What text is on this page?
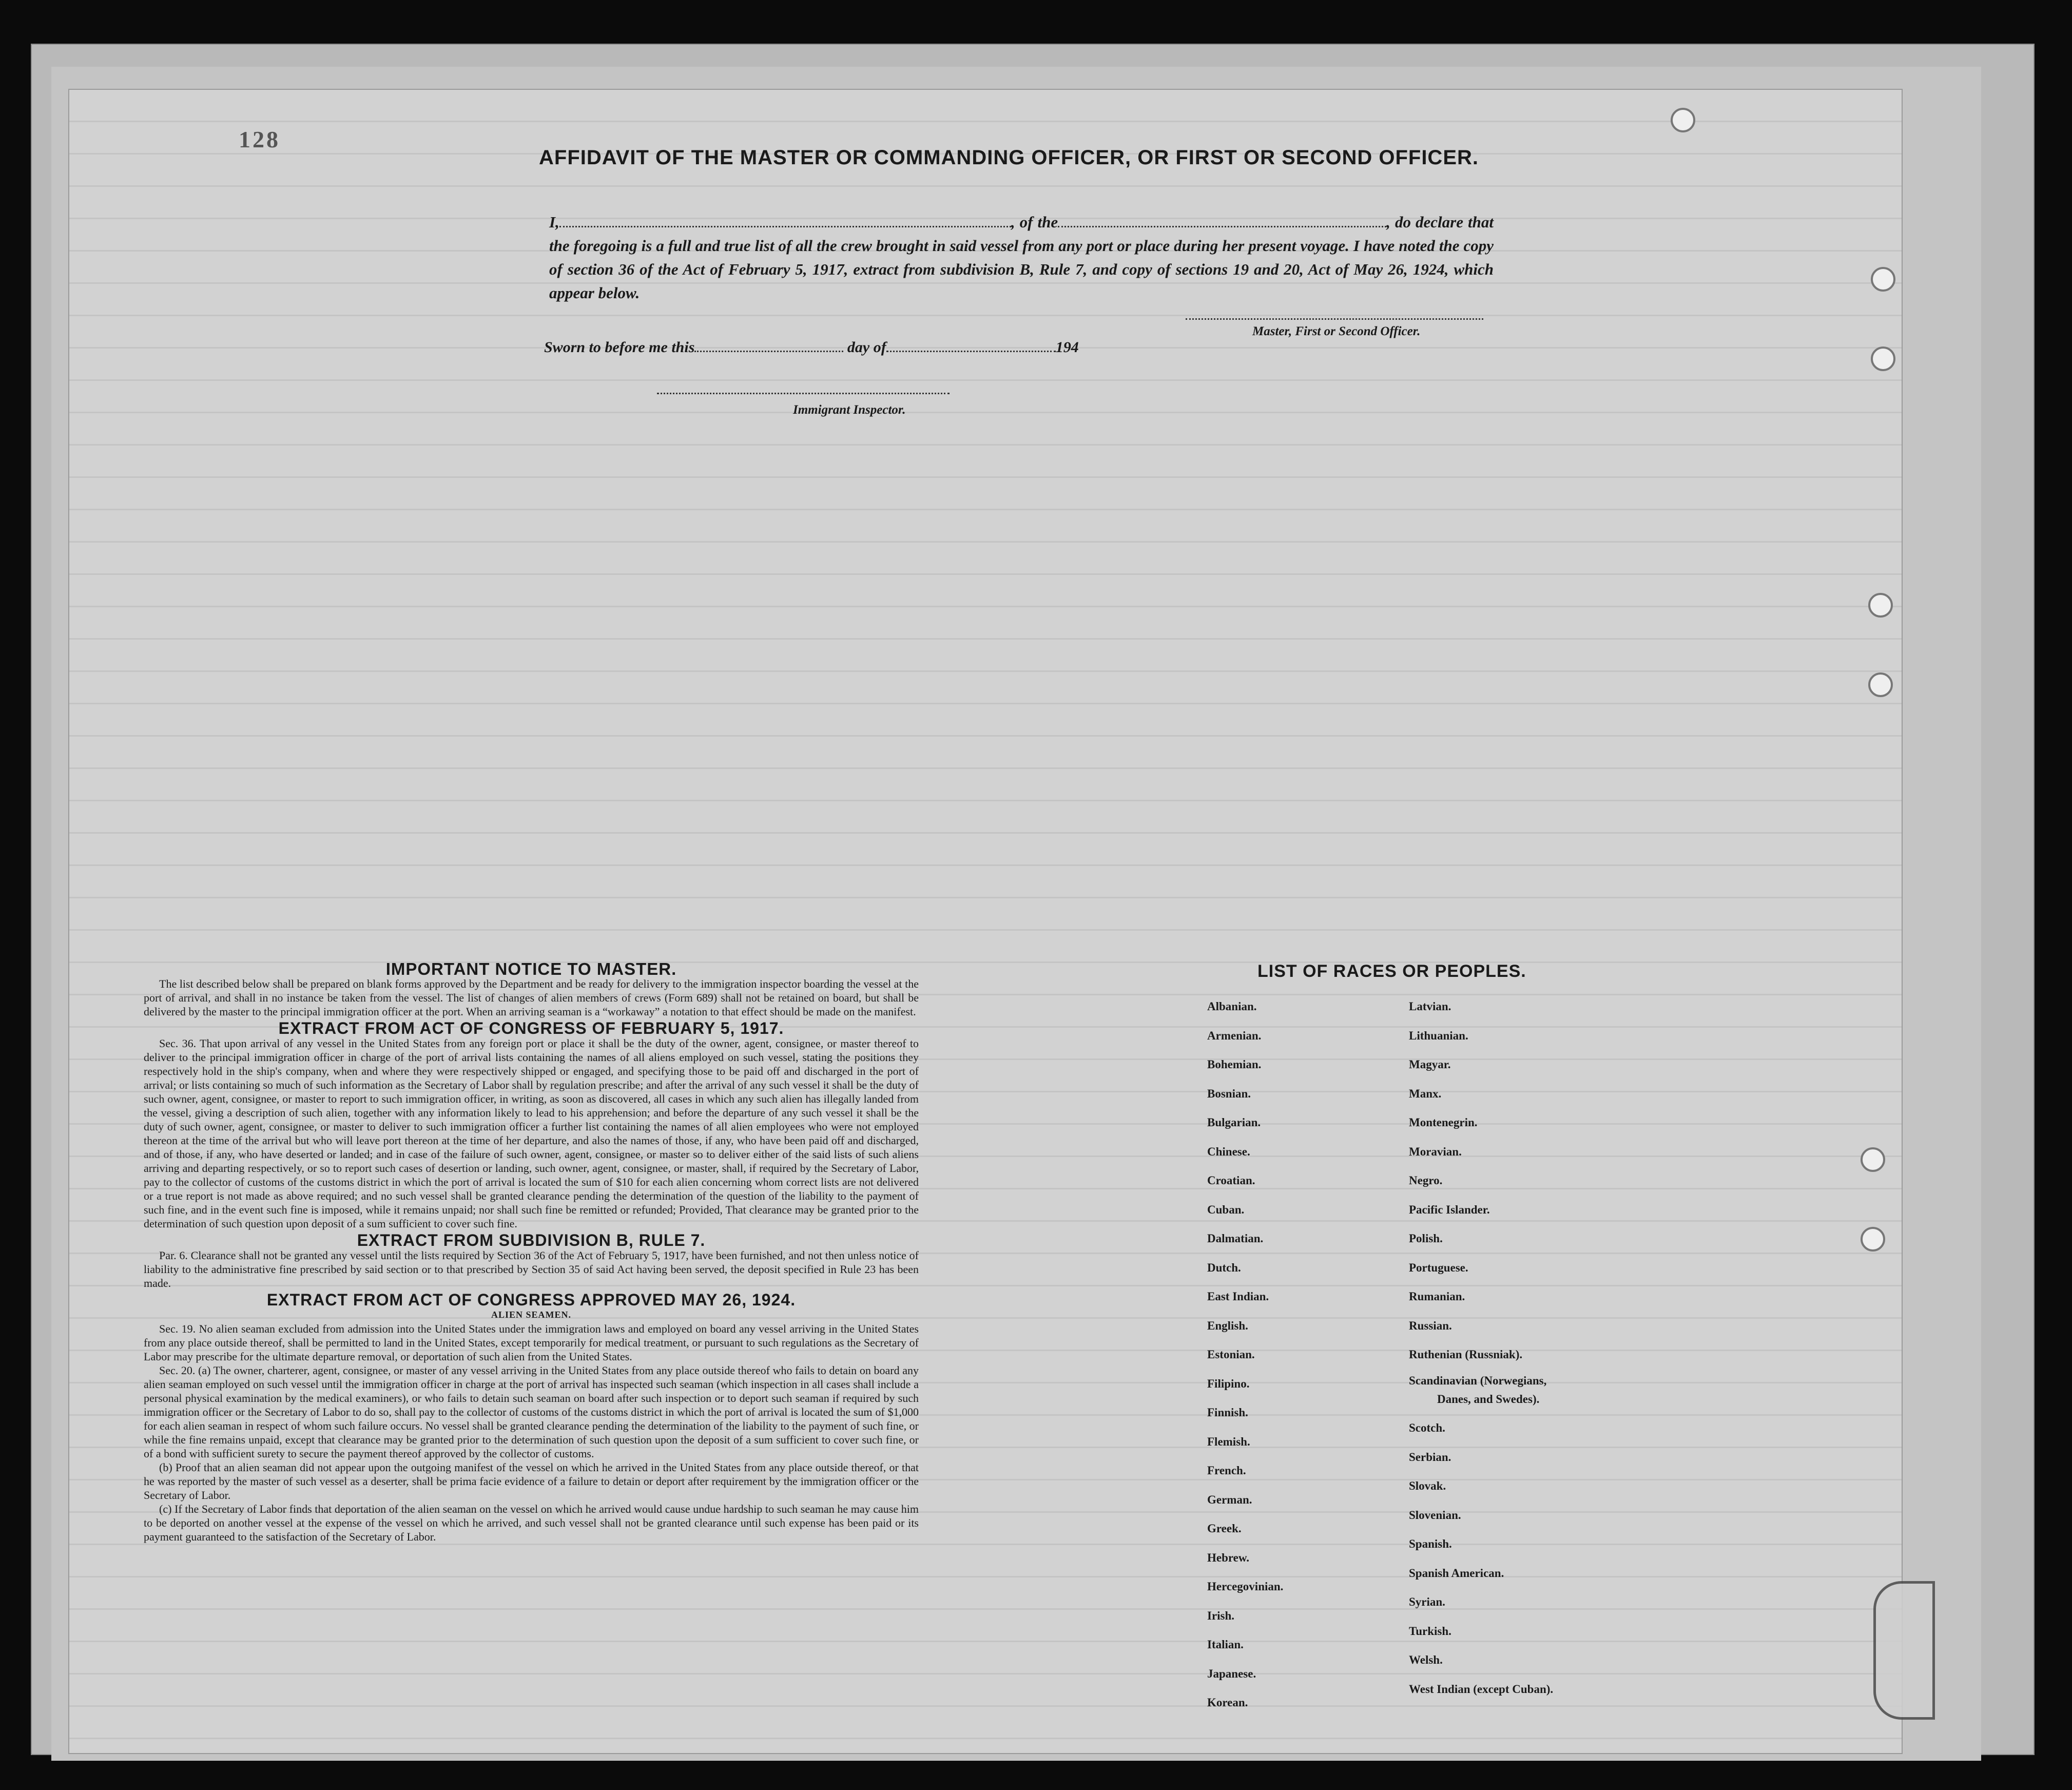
128
AFFIDAVIT OF THE MASTER OR COMMANDING OFFICER, OR FIRST OR SECOND OFFICER.
I,	, of the	, do declare that the foregoing is a full and true list of all the crew brought in said vessel from any port or place during her present voyage. I have noted the copy of section 36 of the Act of February 5, 1917, extract from subdivision B, Rule 7, and copy of sections 19 and 20, Act of May 26, 1924, which appear below.
Master, First or Second Officer.
Sworn to before me this	day of	194
Immigrant Inspector.
IMPORTANT NOTICE TO MASTER.

The list described below shall be prepared on blank forms approved by the Department and be ready for delivery to the immigration inspector boarding the vessel at the port of arrival, and shall in no instance be taken from the vessel. The list of changes of alien members of crews (Form 689) shall not be retained on board, but shall be delivered by the master to the principal immigration officer at the port. When an arriving seaman is a “workaway” a notation to that effect should be made on the manifest.

EXTRACT FROM ACT OF CONGRESS OF FEBRUARY 5, 1917.

Sec. 36. That upon arrival of any vessel in the United States from any foreign port or place it shall be the duty of the owner, agent, consignee, or master thereof to deliver to the principal immigration officer in charge of the port of arrival lists containing the names of all aliens employed on such vessel, stating the positions they respectively hold in the ship's company, when and where they were respectively shipped or engaged, and specifying those to be paid off and discharged in the port of arrival; or lists containing so much of such information as the Secretary of Labor shall by regulation prescribe; and after the arrival of any such vessel it shall be the duty of such owner, agent, consignee, or master to report to such immigration officer, in writing, as soon as discovered, all cases in which any such alien has illegally landed from the vessel, giving a description of such alien, together with any information likely to lead to his apprehension; and before the departure of any such vessel it shall be the duty of such owner, agent, consignee, or master to deliver to such immigration officer a further list containing the names of all alien employees who were not employed thereon at the time of the arrival but who will leave port thereon at the time of her departure, and also the names of those, if any, who have been paid off and discharged, and of those, if any, who have deserted or landed; and in case of the failure of such owner, agent, consignee, or master so to deliver either of the said lists of such aliens arriving and departing respectively, or so to report such cases of desertion or landing, such owner, agent, consignee, or master, shall, if required by the Secretary of Labor, pay to the collector of customs of the customs district in which the port of arrival is located the sum of $10 for each alien concerning whom correct lists are not delivered or a true report is not made as above required; and no such vessel shall be granted clearance pending the determination of the question of the liability to the payment of such fine, and in the event such fine is imposed, while it remains unpaid; nor shall such fine be remitted or refunded; Provided, That clearance may be granted prior to the determination of such question upon deposit of a sum sufficient to cover such fine.

EXTRACT FROM SUBDIVISION B, RULE 7.

Par. 6. Clearance shall not be granted any vessel until the lists required by Section 36 of the Act of February 5, 1917, have been furnished, and not then unless notice of liability to the administrative fine prescribed by said section or to that prescribed by Section 35 of said Act having been served, the deposit specified in Rule 23 has been made.

EXTRACT FROM ACT OF CONGRESS APPROVED MAY 26, 1924.
ALIEN SEAMEN.

Sec. 19. No alien seaman excluded from admission into the United States under the immigration laws and employed on board any vessel arriving in the United States from any place outside thereof, shall be permitted to land in the United States, except temporarily for medical treatment, or pursuant to such regulations as the Secretary of Labor may prescribe for the ultimate departure removal, or deportation of such alien from the United States.

Sec. 20. (a) The owner, charterer, agent, consignee, or master of any vessel arriving in the United States from any place outside thereof who fails to detain on board any alien seaman employed on such vessel until the immigration officer in charge at the port of arrival has inspected such seaman (which inspection in all cases shall include a personal physical examination by the medical examiners), or who fails to detain such seaman on board after such inspection or to deport such seaman if required by such immigration officer or the Secretary of Labor to do so, shall pay to the collector of customs of the customs district in which the port of arrival is located the sum of $1,000 for each alien seaman in respect of whom such failure occurs. No vessel shall be granted clearance pending the determination of the liability to the payment of such fine, or while the fine remains unpaid, except that clearance may be granted prior to the determination of such question upon the deposit of a sum sufficient to cover such fine, or of a bond with sufficient surety to secure the payment thereof approved by the collector of customs.

(b) Proof that an alien seaman did not appear upon the outgoing manifest of the vessel on which he arrived in the United States from any place outside thereof, or that he was reported by the master of such vessel as a deserter, shall be prima facie evidence of a failure to detain or deport after requirement by the immigration officer or the Secretary of Labor.

(c) If the Secretary of Labor finds that deportation of the alien seaman on the vessel on which he arrived would cause undue hardship to such seaman he may cause him to be deported on another vessel at the expense of the vessel on which he arrived, and such vessel shall not be granted clearance until such expense has been paid or its payment guaranteed to the satisfaction of the Secretary of Labor.

LIST OF RACES OR PEOPLES.
Albanian.
Armenian.
Bohemian.
Bosnian.
Bulgarian.
Chinese.
Croatian.
Cuban.
Dalmatian.
Dutch.
East Indian.
English.
Estonian.
Filipino.
Finnish.
Flemish.
French.
German.
Greek.
Hebrew.
Hercegovinian.
Irish.
Italian.
Japanese.
Korean.
Latvian.
Lithuanian.
Magyar.
Manx.
Montenegrin.
Moravian.
Negro.
Pacific Islander.
Polish.
Portuguese.
Rumanian.
Russian.
Ruthenian (Russniak).
Scandinavian (Norwegians,
Danes, and Swedes).
Scotch.
Serbian.
Slovak.
Slovenian.
Spanish.
Spanish American.
Syrian.
Turkish.
Welsh.
West Indian (except Cuban).
